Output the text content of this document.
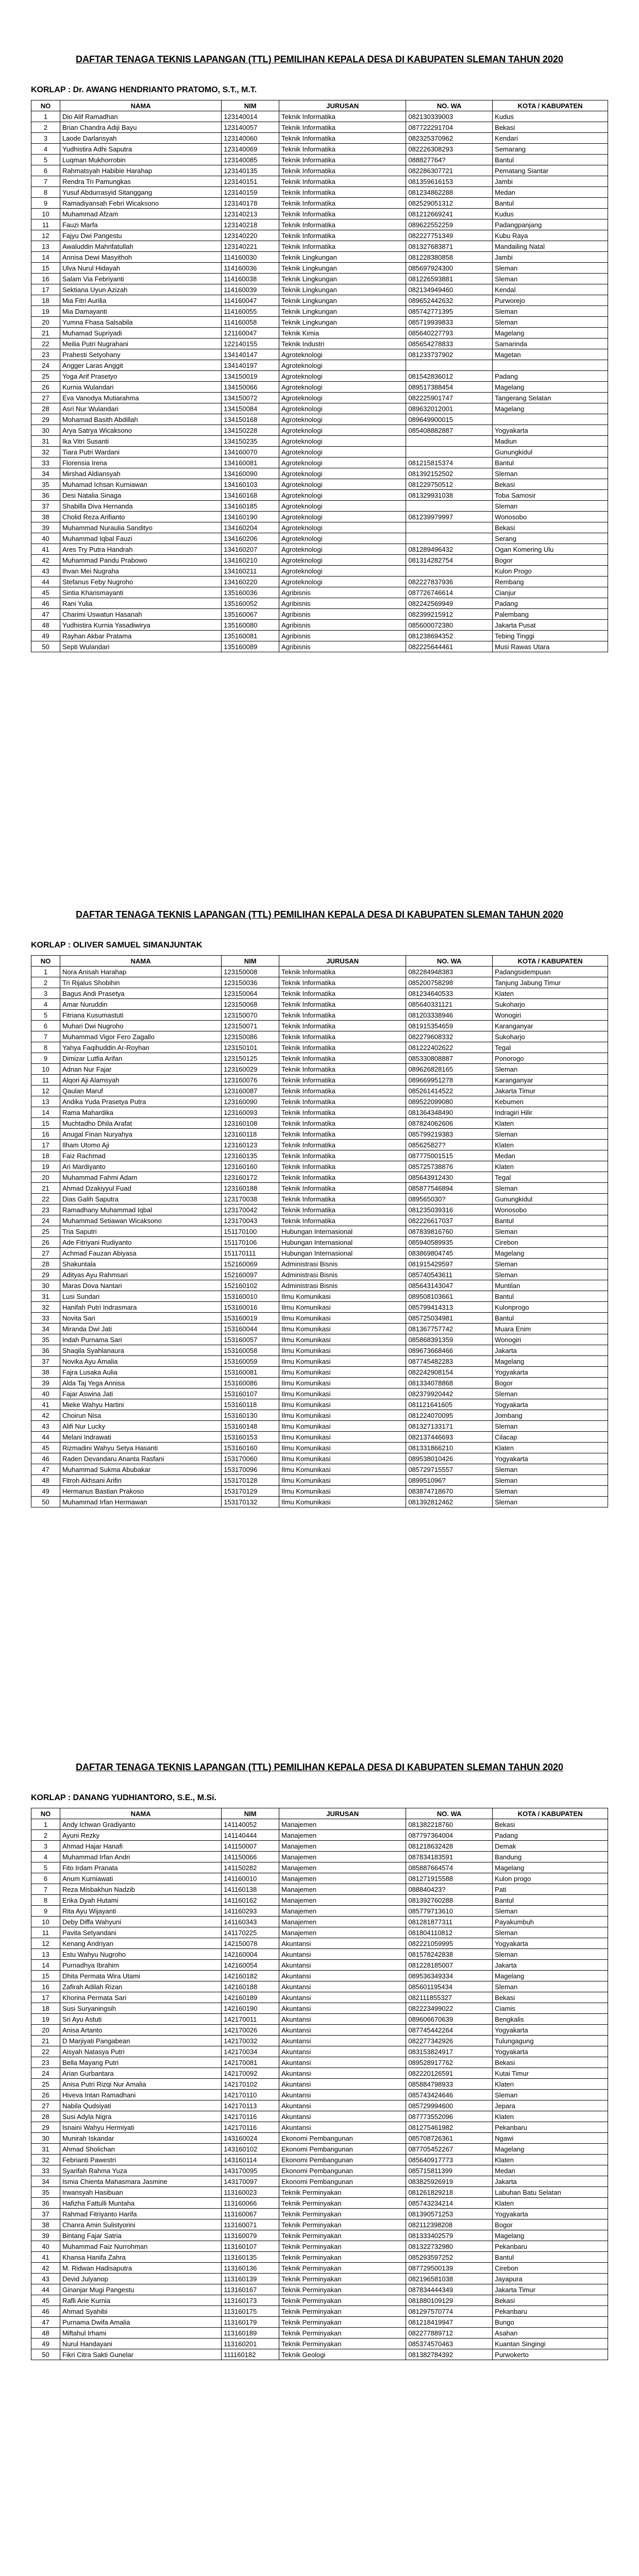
DAFTAR TENAGA TEKNIS LAPANGAN (TTL) PEMILIHAN KEPALA DESA DI KABUPATEN SLEMAN TAHUN 2020
KORLAP : Dr. AWANG HENDRIANTO PRATOMO, S.T., M.T.
NO	NAMA	NIM	JURUSAN	NO. WA	KOTA / KABUPATEN
1	Dio Alif Ramadhan	123140014	Teknik Informatika	082130339003	Kudus
2	Brian Chandra Adiji Bayu	123140057	Teknik Informatika	087722291704	Bekasi
3	Laode Darlansyah	123140060	Teknik Informatika	082325370962	Kendari
4	Yudhistira Adhi Saputra	123140069	Teknik Informatika	082226308293	Semarang
5	Luqman Mukhorrobin	123140085	Teknik Informatika	088827764?	Bantul
6	Rahmatsyah Habibie Harahap	123140135	Teknik Informatika	082286307721	Pematang Siantar
7	Rendra Tri Pamungkas	123140151	Teknik Informatika	081359616153	Jambi
8	Yusuf Abdurrasyid Sitanggang	123140159	Teknik Informatika	081234862288	Medan
9	Ramadiyansah Febri Wicaksono	123140178	Teknik Informatika	082529051312	Bantul
10	Muhammad Afzam	123140213	Teknik Informatika	081212669241	Kudus
11	Fauzi Marfa	123140218	Teknik Informatika	089622552259	Padangpanjang
12	Fajyu Dwi Pangestu	123140220	Teknik Informatika	082227751349	Kubu Raya
13	Awaluddin Mahrifatullah	123140221	Teknik Informatika	081327683871	Mandailing Natal
14	Annisa Dewi Masyithoh	114160030	Teknik Lingkungan	081228380858	Jambi
15	Ulva Nurul Hidayah	114160036	Teknik Lingkungan	085697924300	Sleman
16	Salam Via Febriyanti	114160038	Teknik Lingkungan	081226593881	Sleman
17	Sektiana Uyun Azizah	114160039	Teknik Lingkungan	082134949460	Kendal
18	Mia Fitri Aurilia	114160047	Teknik Lingkungan	089652442632	Purworejo
19	Mia Damayanti	114160055	Teknik Lingkungan	085742771395	Sleman
20	Yumna Fhasa Salsabila	114160058	Teknik Lingkungan	085719939833	Sleman
21	Muhamad Supriyadi	121160047	Teknik Kimia	085640227793	Magelang
22	Meilia Putri Nugrahani	122140155	Teknik Industri	085654278833	Samarinda
23	Prahesti Setyohany	134140147	Agroteknologi	081233737902	Magetan
24	Angger Laras Anggit	134140197	Agroteknologi		
25	Yoga Arif Prasetyo	134150019	Agroteknologi	081542836012	Padang
26	Kurnia Wulandari	134150066	Agroteknologi	089517388454	Magelang
27	Eva Vanodya Mutiarahma	134150072	Agroteknologi	082225901747	Tangerang Selatan
28	Asri Nur Wulandari	134150084	Agroteknologi	089632012001	Magelang
29	Mohamad Basith Abdillah	134150168	Agroteknologi	089649900015	
30	Arya Satrya Wicaksono	134150228	Agroteknologi	085408882887	Yogyakarta
31	Ika Vitri Susanti	134150235	Agroteknologi		Madiun
32	Tiara Putri Wardani	134160070	Agroteknologi		Gunungkidul
33	Florensia Irena	134160081	Agroteknologi	081215815374	Bantul
34	Mirshad Aldiansyah	134160090	Agroteknologi	081392152502	Sleman
35	Muhamad Ichsan Kurniawan	134160103	Agroteknologi	081229750512	Bekasi
36	Desi Natalia Sinaga	134160168	Agroteknologi	081329931038	Toba Samosir
37	Shabilla Diva Hernanda	134160185	Agroteknologi		Sleman
38	Cholid Reza Arifianto	134160190	Agroteknologi	081239979997	Wonosobo
39	Muhammad Nuraulia Sandityo	134160204	Agroteknologi		Bekasi
40	Muhammad Iqbal Fauzi	134160206	Agroteknologi		Serang
41	Ares Try Putra Handrah	134160207	Agroteknologi	081289496432	Ogan Komering Ulu
42	Muhammad Pandu Prabowo	134160210	Agroteknologi	081314282754	Bogor
43	Ihvan Mei Nugraha	134160211	Agroteknologi		Kulon Progo
44	Stefanus Feby Nugroho	134160220	Agroteknologi	082227837936	Rembang
45	Sintia Kharismayanti	135160036	Agribisnis	087726746614	Cianjur
46	Rani Yulia	135160052	Agribisnis	082242569949	Padang
47	Charimi Uswatun Hasanah	135160067	Agribisnis	082399215912	Palembang
48	Yudhistira Kurnia Yasadiwirya	135160080	Agribisnis	085600072380	Jakarta Pusat
49	Rayhan Akbar Pratama	135160081	Agribisnis	081238694352	Tebing Tinggi
50	Septi Wulandari	135160089	Agribisnis	082225644461	Musi Rawas Utara
DAFTAR TENAGA TEKNIS LAPANGAN (TTL) PEMILIHAN KEPALA DESA DI KABUPATEN SLEMAN TAHUN 2020
KORLAP : OLIVER SAMUEL SIMANJUNTAK
NO	NAMA	NIM	JURUSAN	NO. WA	KOTA / KABUPATEN
1	Nora Anisah Harahap	123150008	Teknik Informatika	082284948383	Padangsidempuan
2	Tri Rijalus Shobihin	123150036	Teknik Informatika	085200758298	Tanjung Jabung Timur
3	Bagus Andi Prasetya	123150064	Teknik Informatika	081234640533	Klaten
4	Amar Nuruddin	123150068	Teknik Informatika	085640331121	Sukoharjo
5	Fitriana Kusumastuti	123150070	Teknik Informatika	081203338946	Wonogiri
6	Muhari Dwi Nugroho	123150071	Teknik Informatika	081915354659	Karanganyar
7	Muhammad Vigor Fero Zagallo	123150086	Teknik Informatika	082279608332	Sukoharjo
8	Yahya Faqihuddin Ar-Royhan	123150101	Teknik Informatika	081222402622	Tegal
9	Dimizar Lutfia Arifan	123150125	Teknik Informatika	085330808887	Ponorogo
10	Adnan Nur Fajar	123160029	Teknik Informatika	089626828165	Sleman
11	Alqori Aji Alamsyah	123160076	Teknik Informatika	089669951278	Karanganyar
12	Qaulan Maruf	123160087	Teknik Informatika	085261414522	Jakarta Timur
13	Andika Yuda Prasetya Putra	123160090	Teknik Informatika	089522099080	Kebumen
14	Rama Mahardika	123160093	Teknik Informatika	081364348490	Indragiri Hilir
15	Muchtadho Dhila Arafat	123160108	Teknik Informatika	087824062606	Klaten
16	Anugal Finan Nuryahya	123160118	Teknik Informatika	085799219383	Sleman
17	Ilham Utomo Aji	123160123	Teknik Informatika	085625827?	Klaten
18	Faiz Rachmad	123160135	Teknik Informatika	087775001515	Medan
19	Ari Mardiyanto	123160160	Teknik Informatika	085725738876	Klaten
20	Muhammad Fahmi Adam	123160172	Teknik Informatika	085643912430	Tegal
21	Ahmad Dzakiyyul Fuad	123160188	Teknik Informatika	085877546894	Sleman
22	Dias Galih Saputra	123170038	Teknik Informatika	089565030?	Gunungkidul
23	Ramadhany Muhammad Iqbal	123170042	Teknik Informatika	081235039316	Wonosobo
24	Muhammad Setiawan Wicaksono	123170043	Teknik Informatika	082226617037	Bantul
25	Tria Saputri	151170100	Hubungan Internasional	087839816760	Sleman
26	Ade Fitriyani Rudiyanto	151170106	Hubungan Internasional	085940589935	Cirebon
27	Achmad Fauzan Abiyasa	151170111	Hubungan Internasional	083869804745	Magelang
28	Shakuntala	152160069	Administrasi Bisnis	081915429597	Sleman
29	Adityas Ayu Rahmsari	152160097	Administrasi Bisnis	085740543611	Sleman
30	Maras Dova Nantari	152160102	Administrasi Bisnis	085643143047	Muntilan
31	Lusi Sundari	153160010	Ilmu Komunikasi	089508103661	Bantul
32	Hanifah Putri Indrasmara	153160016	Ilmu Komunikasi	085799414313	Kulonprogo
33	Novita Sari	153160019	Ilmu Komunikasi	085725034981	Bantul
34	Miranda Dwi Jati	153160044	Ilmu Komunikasi	081367757742	Muara Enim
35	Indah Purnama Sari	153160057	Ilmu Komunikasi	085868391359	Wonogiri
36	Shaqila Syahlanaura	153160058	Ilmu Komunikasi	089673668466	Jakarta
37	Novika Ayu Amalia	153160059	Ilmu Komunikasi	087745482283	Magelang
38	Fajra Lusaka Aulia	153160081	Ilmu Komunikasi	082242908154	Yogyakarta
39	Alda Taj Yega Annisa	153160086	Ilmu Komunikasi	081334078868	Bogor
40	Fajar Aswina Jati	153160107	Ilmu Komunikasi	082379920442	Sleman
41	Mieke Wahyu Hartini	153160118	Ilmu Komunikasi	081121641605	Yogyakarta
42	Choirun Nisa	153160130	Ilmu Komunikasi	081224070095	Jombang
43	Alifi Nur Lucky	153160148	Ilmu Komunikasi	081327133171	Sleman
44	Melani Indrawati	153160153	Ilmu Komunikasi	082137446693	Cilacap
45	Rizmadini Wahyu Setya Hasanti	153160160	Ilmu Komunikasi	081331866210	Klaten
46	Raden Devandaru Ananta Rasfani	153170060	Ilmu Komunikasi	089538010426	Yogyakarta
47	Muhammad Sukma Abubakar	153170096	Ilmu Komunikasi	085729715557	Sleman
48	Fitroh Akhsani Arifin	153170128	Ilmu Komunikasi	089951096?	Sleman
49	Hermanus Bastian Prakoso	153170129	Ilmu Komunikasi	083874718670	Sleman
50	Muhammad Irfan Hermawan	153170132	Ilmu Komunikasi	081392812462	Sleman
DAFTAR TENAGA TEKNIS LAPANGAN (TTL) PEMILIHAN KEPALA DESA DI KABUPATEN SLEMAN TAHUN 2020
KORLAP : DANANG YUDHIANTORO, S.E., M.Si.
NO	NAMA	NIM	JURUSAN	NO. WA	KOTA / KABUPATEN
1	Andy Ichwan Gradiyanto	141140052	Manajemen	081382218760	Bekasi
2	Ayuni Rezky	141140444	Manajemen	087797364004	Padang
3	Ahmad Hajar Hanafi	141150007	Manajemen	081218632428	Demak
4	Muhammad Irfan Andri	141150066	Manajemen	087834183591	Bandung
5	Fito Irdam Pranata	141150282	Manajemen	085887664574	Magelang
6	Anum Kurniawati	141160010	Manajemen	081271915588	Kulon progo
7	Reza Misbakhun Nadzib	141160138	Manajemen	088840423?	Pati
8	Erika Dyah Hutami	141160162	Manajemen	081392760288	Bantul
9	Rita Ayu Wijayanti	141160293	Manajemen	085779713610	Sleman
10	Deby Diffa Wahyuni	141160343	Manajemen	081281877311	Payakumbuh
11	Pavita Setyandani	141170225	Manajemen	081804110812	Sleman
12	Kenang Andriyan	142150078	Akuntansi	082221059995	Yogyakarta
13	Estu Wahyu Nugroho	142160004	Akuntansi	081578242838	Sleman
14	Purnadhya Ibrahim	142160054	Akuntansi	081228185007	Jakarta
15	Dhita Permata Wira Utami	142160182	Akuntansi	089536349334	Magelang
16	Zafirah Adilah Rizan	142160188	Akuntansi	085601195434	Sleman
17	Khorina Permata Sari	142160189	Akuntansi	082111855327	Bekasi
18	Susi Suryaningsih	142160190	Akuntansi	082223499022	Ciamis
19	Sri Ayu Astuti	142170011	Akuntansi	089606670639	Bengkalis
20	Anisa Artanto	142170026	Akuntansi	087745442264	Yogyakarta
21	D Marjiyati Pangabean	142170032	Akuntansi	082277342926	Tulungagung
22	Aisyah Natasya Putri	142170034	Akuntansi	083153824917	Yogyakarta
23	Bella Mayang Putri	142170081	Akuntansi	089528917762	Bekasi
24	Arian Gurbantara	142170092	Akuntansi	082220126591	Kutai Timur
25	Anisa Putri Rizqi Nur Amalia	142170102	Akuntansi	085884798933	Klaten
26	Hiveva Intan Ramadhani	142170110	Akuntansi	085743424646	Sleman
27	Nabila Qudsiyati	142170113	Akuntansi	085729994600	Jepara
28	Susi Adyla Nigra	142170116	Akuntansi	087773552096	Klaten
29	Isnaini Wahyu Hermiyati	142170116	Akuntansi	081275461982	Pekanbaru
30	Munirah Iskandar	143160024	Ekonomi Pembangunan	085708726361	Ngawi
31	Ahmad Sholichan	143160102	Ekonomi Pembangunan	087705452267	Magelang
32	Febrianti Pawestri	143160114	Ekonomi Pembangunan	085640917773	Klaten
33	Syarifah Rahma Yuza	143170095	Ekonomi Pembangunan	085715811399	Medan
34	Ismia Chienta Mahasmara Jasmine	143170097	Ekonomi Pembangunan	083825926919	Jakarta
35	Irwansyah Hasibuan	113160023	Teknik Perminyakan	081261829218	Labuhan Batu Selatan
36	Hafizha Fattulli Muntaha	113160066	Teknik Perminyakan	085743234214	Klaten
37	Rahmad Fitriyanto Harifa	113160067	Teknik Perminyakan	081390571253	Yogyakarta
38	Chanra Amin Sulistyorini	113160071	Teknik Perminyakan	082112398208	Bogor
39	Bintang Fajar Satria	113160079	Teknik Perminyakan	081333402579	Magelang
40	Muhammad Faiz Nurrohman	113160107	Teknik Perminyakan	081322732980	Pekanbaru
41	Khansa Hanifa Zahra	113160135	Teknik Perminyakan	085293597252	Bantul
42	M. Ridwan Hadisaputra	113160136	Teknik Perminyakan	087729500139	Cirebon
43	Devid Julyanop	113160139	Teknik Perminyakan	082196581038	Jayapura
44	Ginanjar Mugi Pangestu	113160167	Teknik Perminyakan	087834444349	Jakarta Timur
45	Rafli Arie Kurnia	113160173	Teknik Perminyakan	081880109129	Bekasi
46	Ahmad Syahibi	113160175	Teknik Perminyakan	081297570774	Pekanbaru
47	Purnama Dwifa Amalia	113160179	Teknik Perminyakan	081218419947	Bungo
48	Miftahul Irhami	113160189	Teknik Perminyakan	082277889712	Asahan
49	Nurul Handayani	113160201	Teknik Perminyakan	085374570463	Kuantan Singingi
50	Fikri Citra Sakti Gunelar	111160182	Teknik Geologi	081382784392	Purwokerto
